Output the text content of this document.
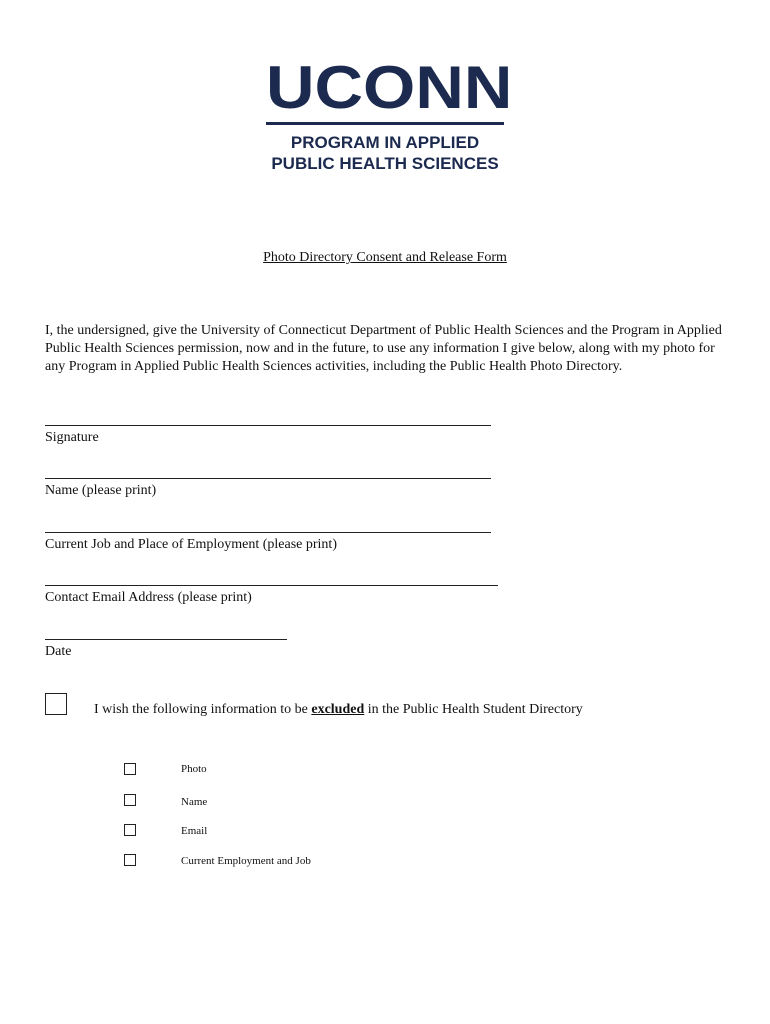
UCONN
PROGRAM IN APPLIED
PUBLIC HEALTH SCIENCES
Photo Directory Consent and Release Form
I, the undersigned, give the University of Connecticut Department of Public Health Sciences and the Program in Applied Public Health Sciences permission, now and in the future, to use any information I give below, along with my photo for any Program in Applied Public Health Sciences activities, including the Public Health Photo Directory.
Signature
Name (please print)
Current Job and Place of Employment (please print)
Contact Email Address (please print)
Date
I wish the following information to be excluded in the Public Health Student Directory
Photo
Name
Email
Current Employment and Job
